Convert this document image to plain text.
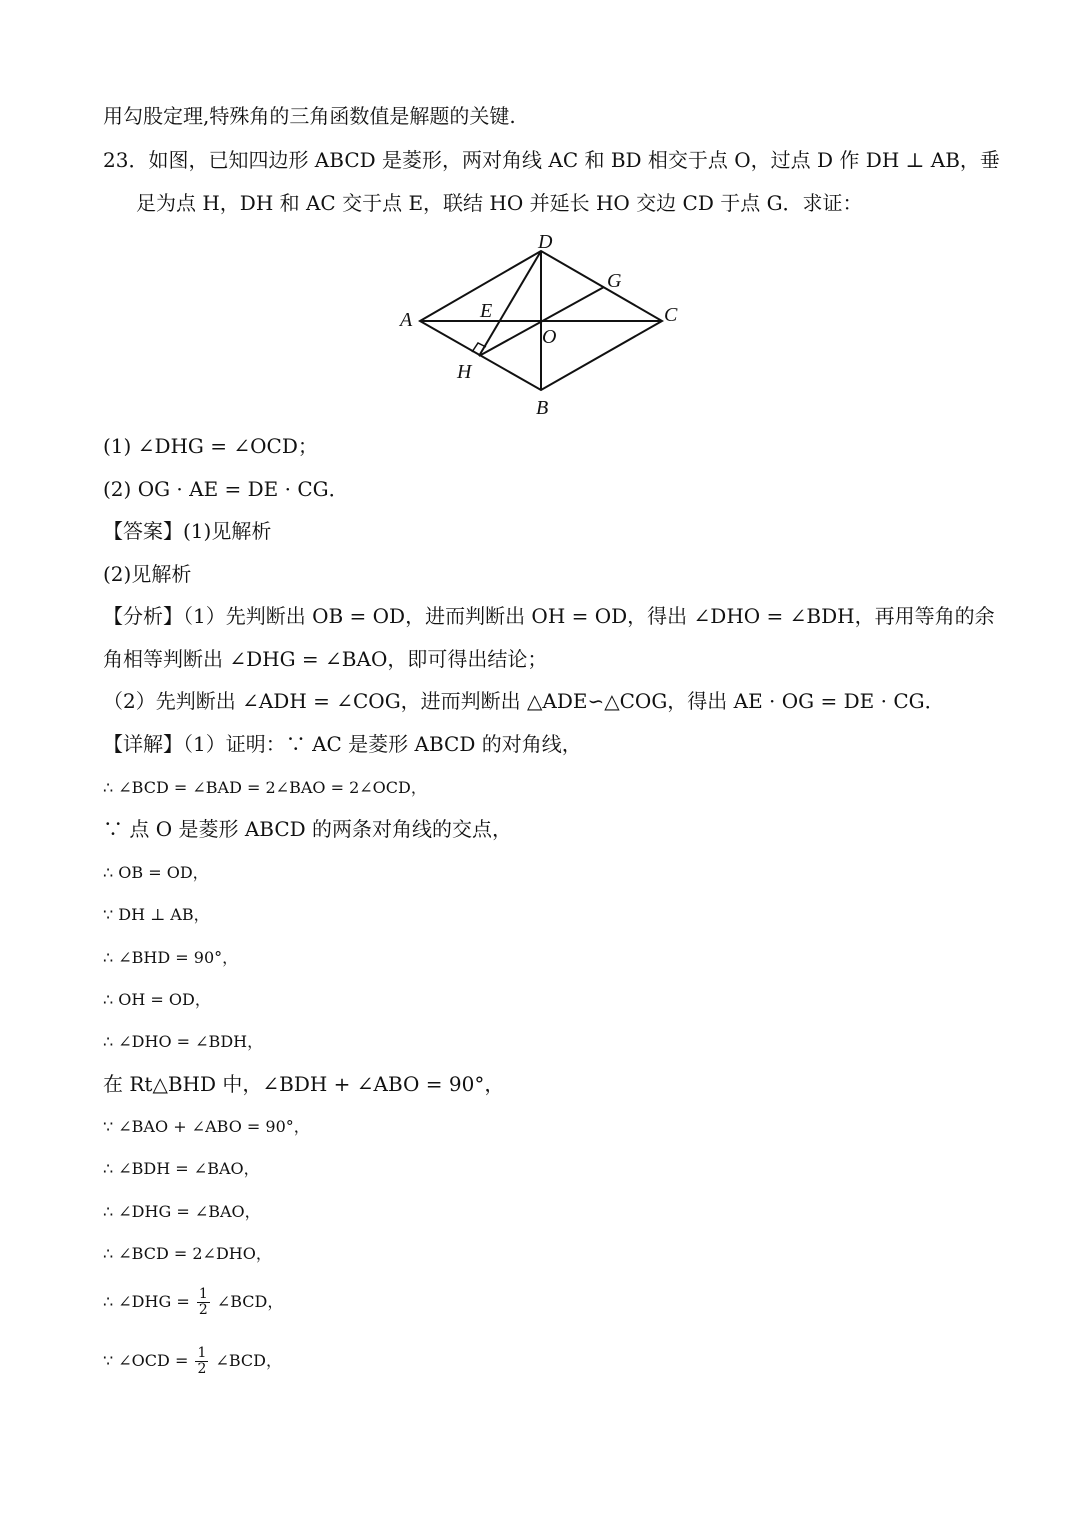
用勾股定理,特殊角的三角函数值是解题的关键.
23．如图，已知四边形 ABCD 是菱形，两对角线 AC 和 BD 相交于点 O，过点 D 作 DH ⊥ AB，垂
足为点 H，DH 和 AC 交于点 E，联结 HO 并延长 HO 交边 CD 于点 G．求证：
D
G
A	E	C
O
H
B
(1) ∠DHG = ∠OCD；
(2) OG · AE = DE · CG．
【答案】(1)见解析
(2)见解析
【分析】（1）先判断出 OB = OD，进而判断出 OH = OD，得出 ∠DHO = ∠BDH，再用等角的余
角相等判断出 ∠DHG = ∠BAO，即可得出结论；
（2）先判断出 ∠ADH = ∠COG，进而判断出 △ADE∽△COG，得出 AE · OG = DE · CG．
【详解】（1）证明：∵ AC 是菱形 ABCD 的对角线，
∴ ∠BCD = ∠BAD = 2∠BAO = 2∠OCD，
∵ 点 O 是菱形 ABCD 的两条对角线的交点，
∴ OB = OD，
∵ DH ⊥ AB，
∴ ∠BHD = 90°，
∴ OH = OD，
∴ ∠DHO = ∠BDH，
在 Rt△BHD 中，∠BDH + ∠ABO = 90°，
∵ ∠BAO + ∠ABO = 90°，
∴ ∠BDH = ∠BAO，
∴ ∠DHG = ∠BAO，
∴ ∠BCD = 2∠DHO，
∴ ∠DHG = $\frac{1}{2}$ ∠BCD，
∵ ∠OCD = $\frac{1}{2}$ ∠BCD，
